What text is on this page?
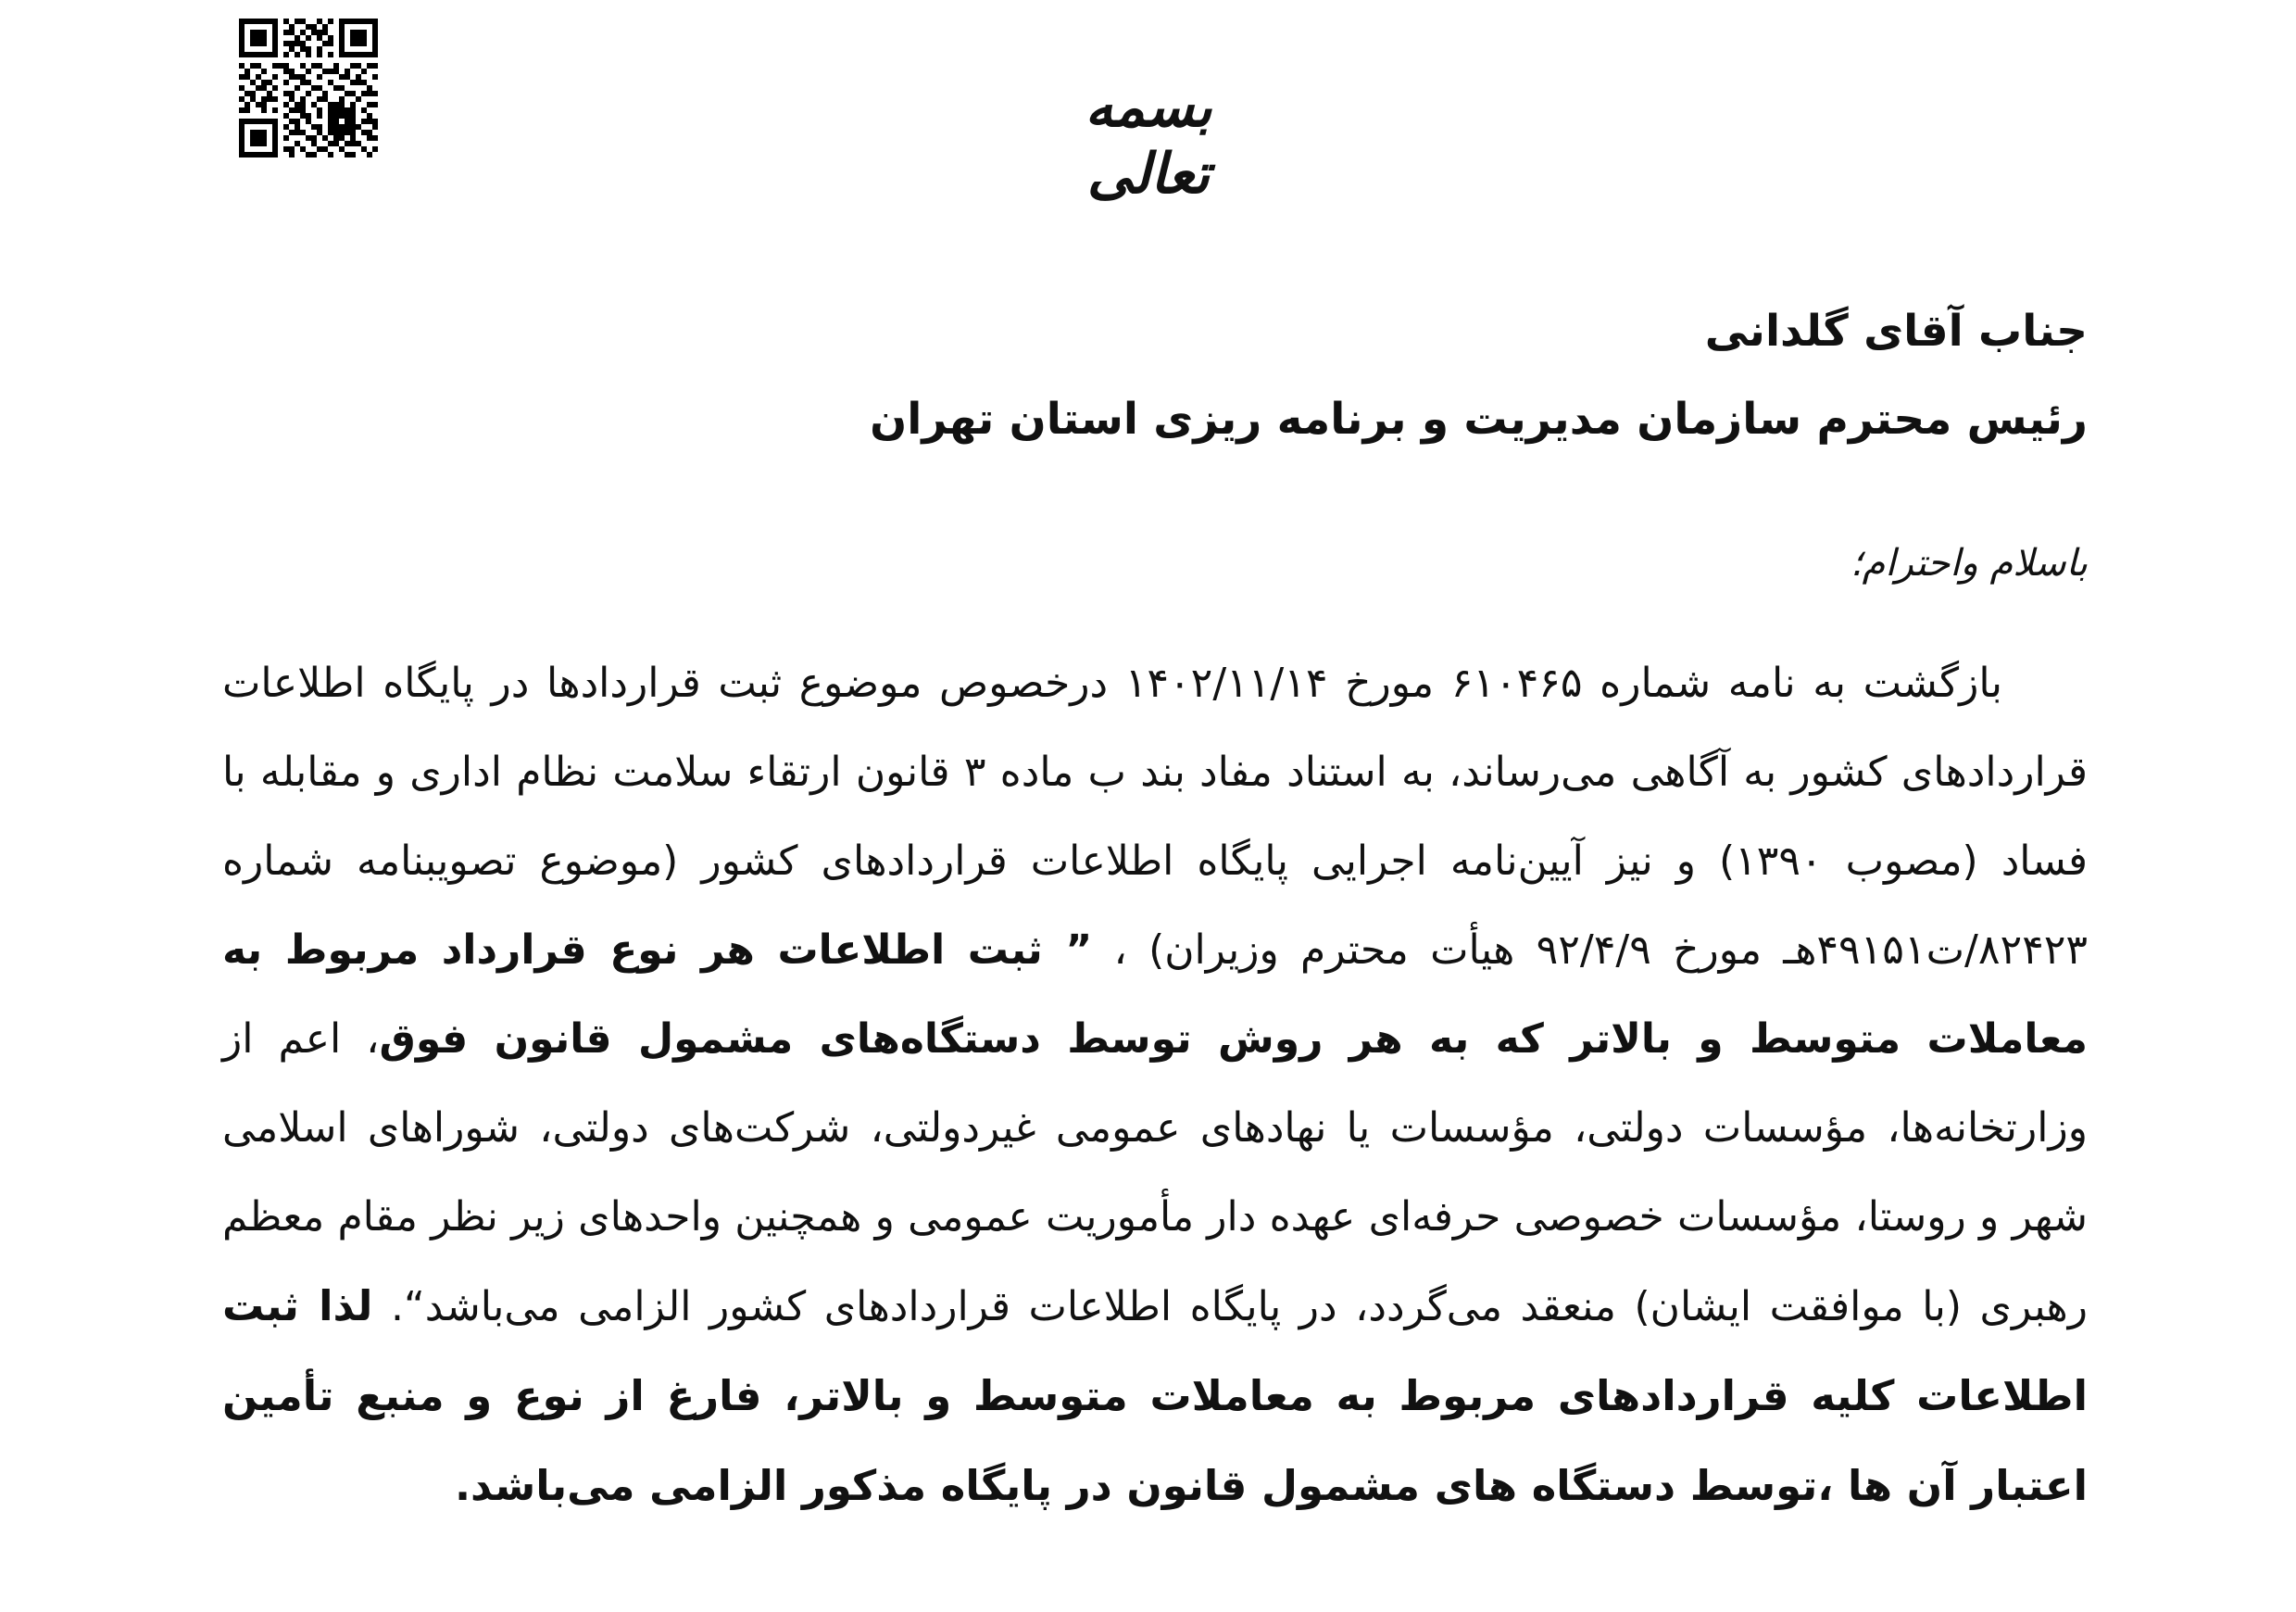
بسمه تعالی
جناب آقای گلدانی
رئیس محترم سازمان مدیریت و برنامه ریزی استان تهران
باسلام واحترام؛
بازگشت به نامه شماره ۶۱۰۴۶۵ مورخ ۱۴۰۲/۱۱/۱۴ درخصوص موضوع ثبت قراردادها در پایگاه اطلاعات قراردادهای کشور به آگاهی می‌رساند، به استناد مفاد بند ب ماده ۳ قانون ارتقاء سلامت نظام اداری و مقابله با فساد (مصوب ۱۳۹۰) و نیز آیین‌نامه اجرایی پایگاه اطلاعات قراردادهای کشور (موضوع تصویبنامه شماره ۸۲۴۲۳/ت۴۹۱۵۱هـ مورخ ۹۲/۴/۹ هیأت محترم وزیران) ، ” ثبت اطلاعات هر نوع قرارداد مربوط به معاملات متوسط و بالاتر که به هر روش توسط دستگاه‌های مشمول قانون فوق، اعم از وزارتخانه‌ها، مؤسسات دولتی، مؤسسات یا نهادهای عمومی غیردولتی، شرکت‌های دولتی، شوراهای اسلامی شهر و روستا، مؤسسات خصوصی حرفه‌ای عهده دار مأموریت عمومی و همچنین واحدهای زیر نظر مقام معظم رهبری (با موافقت ایشان) منعقد می‌گردد، در پایگاه اطلاعات قراردادهای کشور الزامی می‌باشد“. لذا ثبت اطلاعات کلیه قراردادهای مربوط به معاملات متوسط و بالاتر، فارغ از نوع و منبع تأمین اعتبار آن ها ،توسط دستگاه های مشمول قانون در پایگاه مذکور الزامی می‌باشد.
